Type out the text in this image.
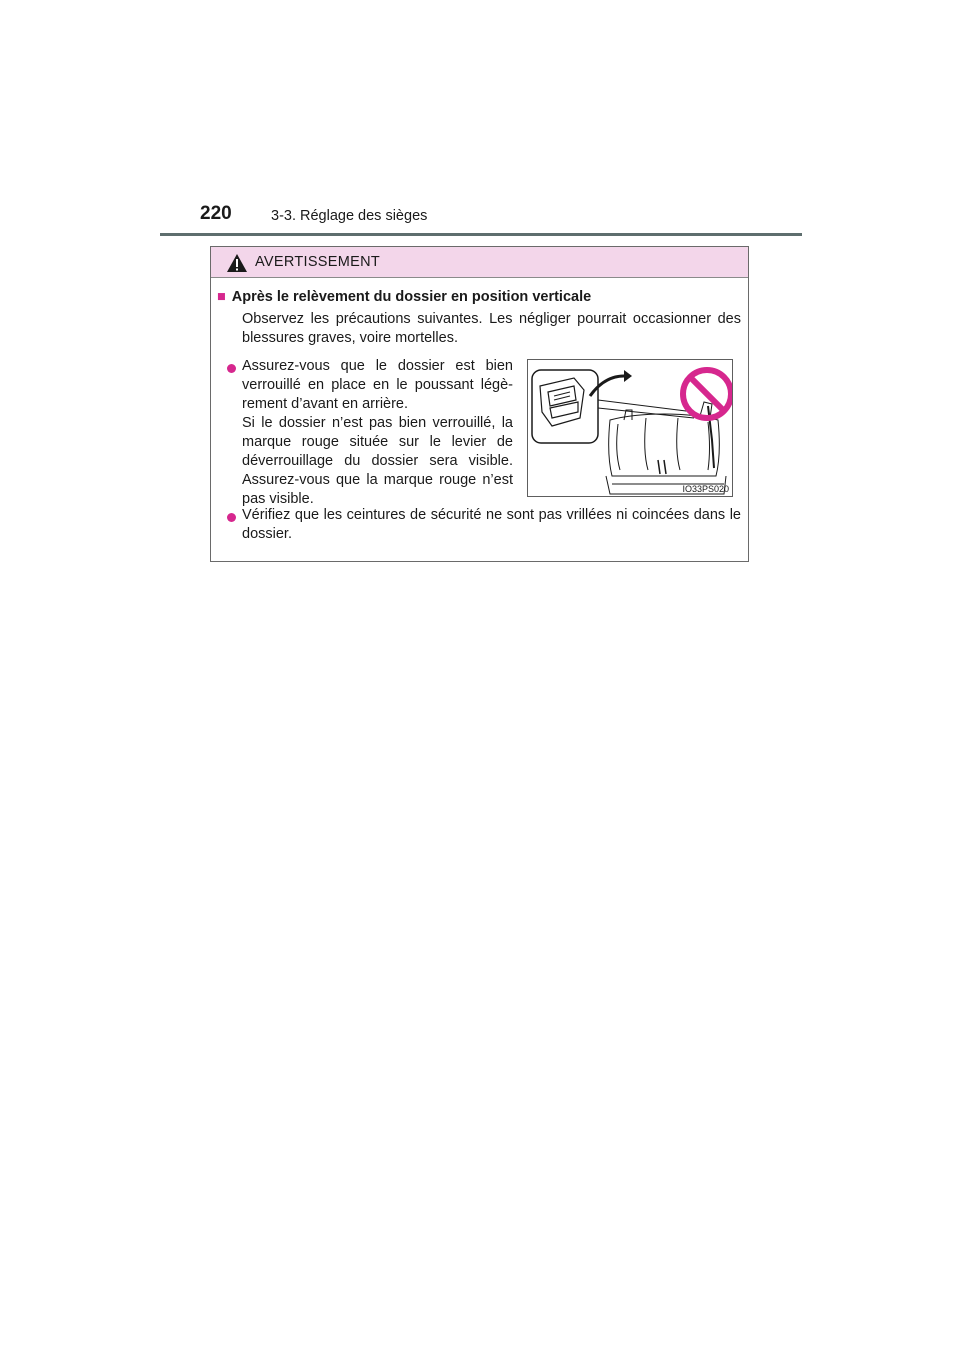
220	3-3. Réglage des sièges
AVERTISSEMENT
■ Après le relèvement du dossier en position verticale
Observez les précautions suivantes. Les négliger pourrait occasionner des blessures graves, voire mortelles.
Assurez-vous que le dossier est bien verrouillé en place en le poussant légè-rement d’avant en arrière.
Si le dossier n’est pas bien verrouillé, la marque rouge située sur le levier de déverrouillage du dossier sera visible. Assurez-vous que la marque rouge n’est pas visible.
IO33PS020
Vérifiez que les ceintures de sécurité ne sont pas vrillées ni coincées dans le dossier.
